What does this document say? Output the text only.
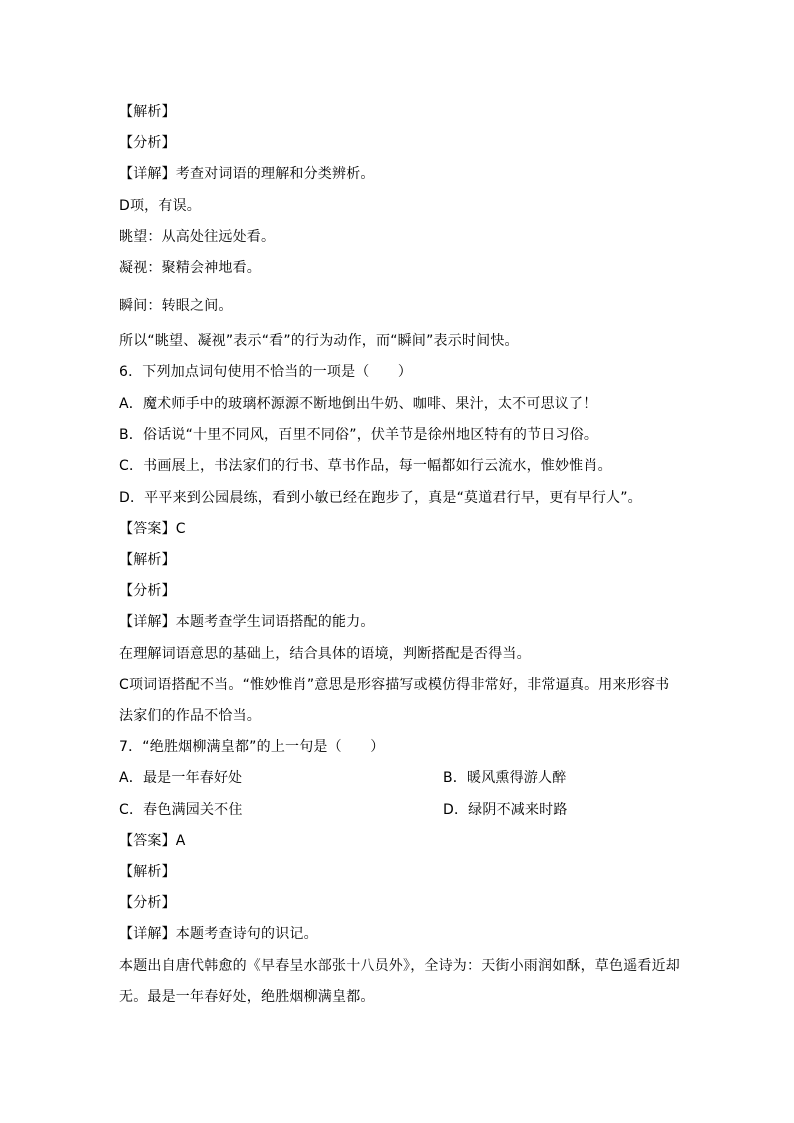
【解析】
【分析】
【详解】考查对词语的理解和分类辨析。
D项，有误。
眺望：从高处往远处看。
凝视：聚精会神地看。
瞬间：转眼之间。
所以“眺望、凝视”表示“看”的行为动作，而“瞬间”表示时间快。
6．下列加点词句使用不恰当的一项是（　　）
A．魔术师手中的玻璃杯源源不断地倒出牛奶、咖啡、果汁，太不可思议了！
B．俗话说“十里不同风，百里不同俗”，伏羊节是徐州地区特有的节日习俗。
C．书画展上，书法家们的行书、草书作品，每一幅都如行云流水，惟妙惟肖。
D．平平来到公园晨练，看到小敏已经在跑步了，真是“莫道君行早，更有早行人”。
【答案】C
【解析】
【分析】
【详解】本题考查学生词语搭配的能力。
在理解词语意思的基础上，结合具体的语境，判断搭配是否得当。
C项词语搭配不当。“惟妙惟肖”意思是形容描写或模仿得非常好，非常逼真。用来形容书
法家们的作品不恰当。
7．“绝胜烟柳满皇都”的上一句是（　　）
A．最是一年春好处	B．暖风熏得游人醉
C．春色满园关不住	D．绿阴不减来时路
【答案】A
【解析】
【分析】
【详解】本题考查诗句的识记。
本题出自唐代韩愈的《早春呈水部张十八员外》，全诗为：天街小雨润如酥，草色遥看近却
无。最是一年春好处，绝胜烟柳满皇都。
